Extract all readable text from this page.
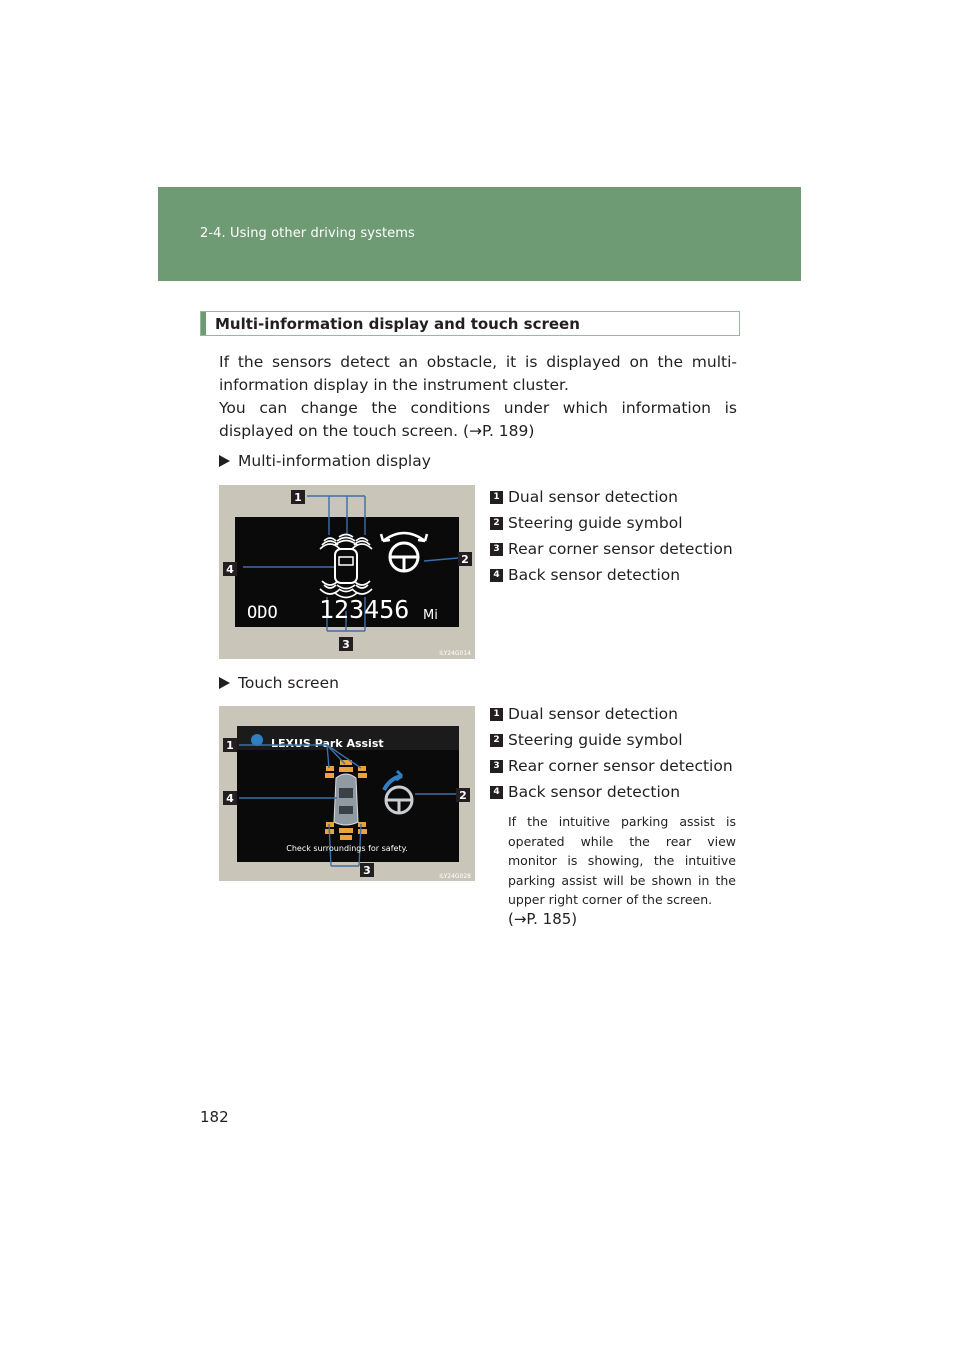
2-4. Using other driving systems
Multi-information display and touch screen
If the sensors detect an obstacle, it is displayed on the multi-information display in the instrument cluster.
You can change the conditions under which information is displayed on the touch screen. (→P. 189)
Multi-information display
1
2
3
4
ODO 123456 Mi
ILY24G014
1 Dual sensor detection
2 Steering guide symbol
3 Rear corner sensor detection
4 Back sensor detection
Touch screen
LEXUS Park Assist
Check surroundings for safety.
1
2
3
4
ILY24G028
1 Dual sensor detection
2 Steering guide symbol
3 Rear corner sensor detection
4 Back sensor detection
If the intuitive parking assist is operated while the rear view monitor is showing, the intuitive parking assist will be shown in the upper right corner of the screen.
(→P. 185)
182
